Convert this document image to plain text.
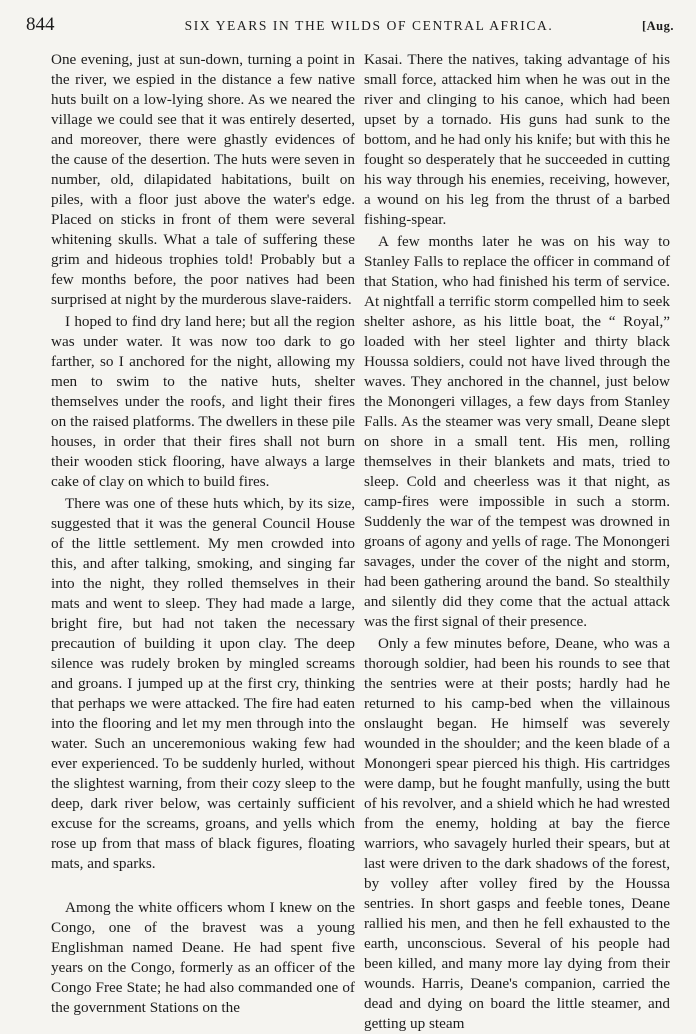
844	SIX YEARS IN THE WILDS OF CENTRAL AFRICA.	[Aug.

One evening, just at sun-down, turning a point in the river, we espied in the distance a few native huts built on a low-lying shore. As we neared the village we could see that it was entirely deserted, and moreover, there were ghastly evidences of the cause of the desertion. The huts were seven in number, old, dilapidated habitations, built on piles, with a floor just above the water's edge. Placed on sticks in front of them were several whitening skulls. What a tale of suffering these grim and hideous trophies told! Probably but a few months before, the poor natives had been surprised at night by the murderous slave-raiders.

I hoped to find dry land here; but all the region was under water. It was now too dark to go farther, so I anchored for the night, allowing my men to swim to the native huts, shelter themselves under the roofs, and light their fires on the raised platforms. The dwellers in these pile houses, in order that their fires shall not burn their wooden stick flooring, have always a large cake of clay on which to build fires.

There was one of these huts which, by its size, suggested that it was the general Council House of the little settlement. My men crowded into this, and after talking, smoking, and singing far into the night, they rolled themselves in their mats and went to sleep. They had made a large, bright fire, but had not taken the necessary precaution of building it upon clay. The deep silence was rudely broken by mingled screams and groans. I jumped up at the first cry, thinking that perhaps we were attacked. The fire had eaten into the flooring and let my men through into the water. Such an unceremonious waking few had ever experienced. To be suddenly hurled, without the slightest warning, from their cozy sleep to the deep, dark river below, was certainly sufficient excuse for the screams, groans, and yells which rose up from that mass of black figures, floating mats, and sparks.

Among the white officers whom I knew on the Congo, one of the bravest was a young Englishman named Deane. He had spent five years on the Congo, formerly as an officer of the Congo Free State; he had also commanded one of the government Stations on the

Kasai. There the natives, taking advantage of his small force, attacked him when he was out in the river and clinging to his canoe, which had been upset by a tornado. His guns had sunk to the bottom, and he had only his knife; but with this he fought so desperately that he succeeded in cutting his way through his enemies, receiving, however, a wound on his leg from the thrust of a barbed fishing-spear.

A few months later he was on his way to Stanley Falls to replace the officer in command of that Station, who had finished his term of service. At nightfall a terrific storm compelled him to seek shelter ashore, as his little boat, the “ Royal,” loaded with her steel lighter and thirty black Houssa soldiers, could not have lived through the waves. They anchored in the channel, just below the Monongeri villages, a few days from Stanley Falls. As the steamer was very small, Deane slept on shore in a small tent. His men, rolling themselves in their blankets and mats, tried to sleep. Cold and cheerless was it that night, as camp-fires were impossible in such a storm. Suddenly the war of the tempest was drowned in groans of agony and yells of rage. The Monongeri savages, under the cover of the night and storm, had been gathering around the band. So stealthily and silently did they come that the actual attack was the first signal of their presence.

Only a few minutes before, Deane, who was a thorough soldier, had been his rounds to see that the sentries were at their posts; hardly had he returned to his camp-bed when the villainous onslaught began. He himself was severely wounded in the shoulder; and the keen blade of a Monongeri spear pierced his thigh. His cartridges were damp, but he fought manfully, using the butt of his revolver, and a shield which he had wrested from the enemy, holding at bay the fierce warriors, who savagely hurled their spears, but at last were driven to the dark shadows of the forest, by volley after volley fired by the Houssa sentries. In short gasps and feeble tones, Deane rallied his men, and then he fell exhausted to the earth, unconscious. Several of his people had been killed, and many more lay dying from their wounds. Harris, Deane's companion, carried the dead and dying on board the little steamer, and getting up steam
